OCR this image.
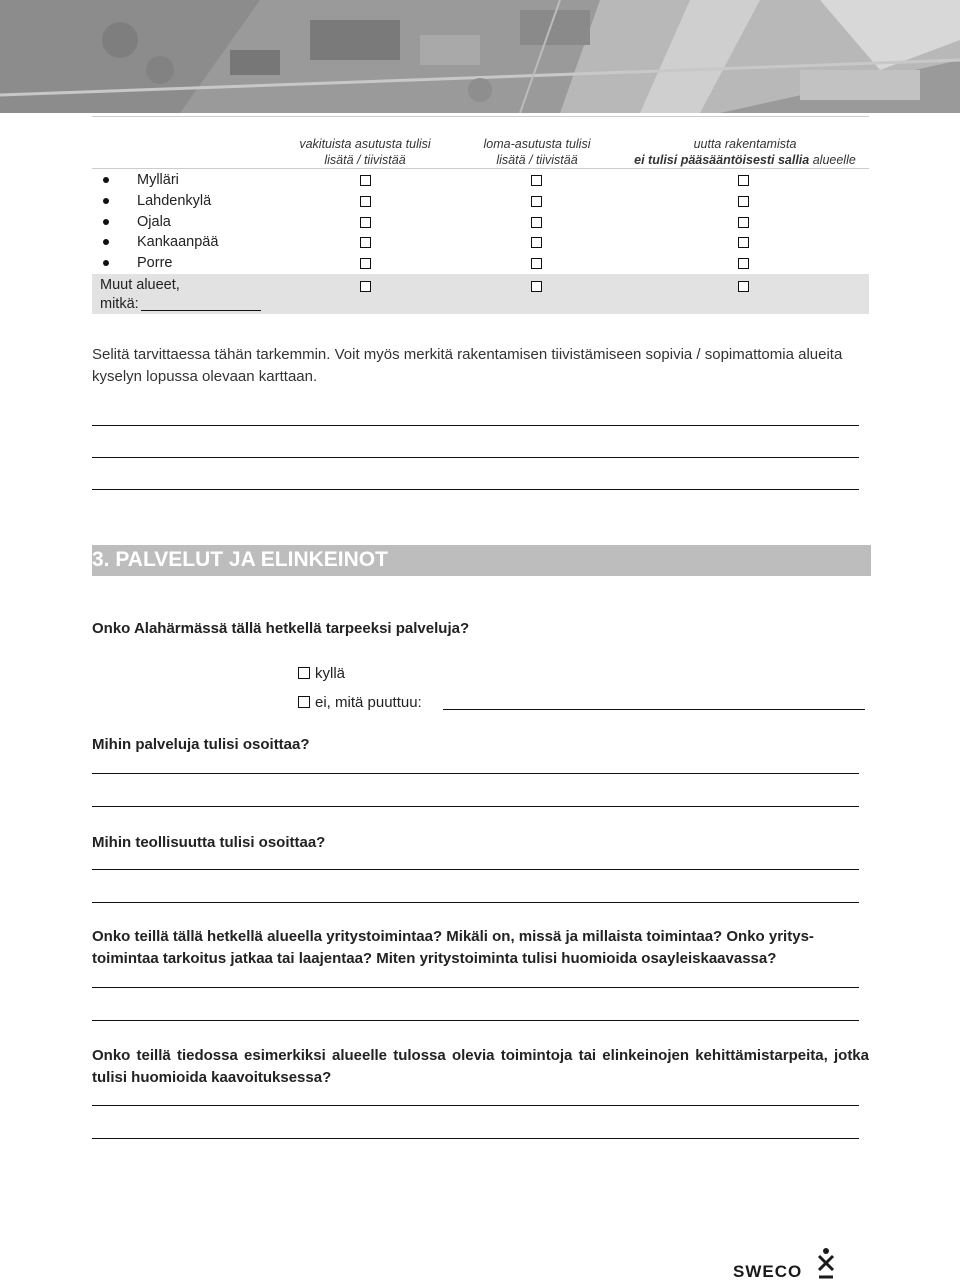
vakituista asutusta tulisi
lisätä / tiivistää
loma-asutusta tulisi
lisätä / tiivistää
uutta rakentamista
ei tulisi pääsääntöisesti sallia alueelle
Mylläri
Lahdenkylä
Ojala
Kankaanpää
Porre
Muut alueet,
mitkä:
Selitä tarvittaessa tähän tarkemmin. Voit myös merkitä rakentamisen tiivistämiseen sopivia / sopimattomia alueita kyselyn lopussa olevaan karttaan.
3. PALVELUT JA ELINKEINOT
Onko Alahärmässä tällä hetkellä tarpeeksi palveluja?
kyllä
ei, mitä puuttuu:
Mihin palveluja tulisi osoittaa?
Mihin teollisuutta tulisi osoittaa?
Onko teillä tällä hetkellä alueella yritystoimintaa? Mikäli on, missä ja millaista toimintaa? Onko yritys-toimintaa tarkoitus jatkaa tai laajentaa? Miten yritystoiminta tulisi huomioida osayleiskaavassa?
Onko teillä tiedossa esimerkiksi alueelle tulossa olevia toimintoja tai elinkeinojen kehittämistarpeita, jotka tulisi huomioida kaavoituksessa?
SWECO
